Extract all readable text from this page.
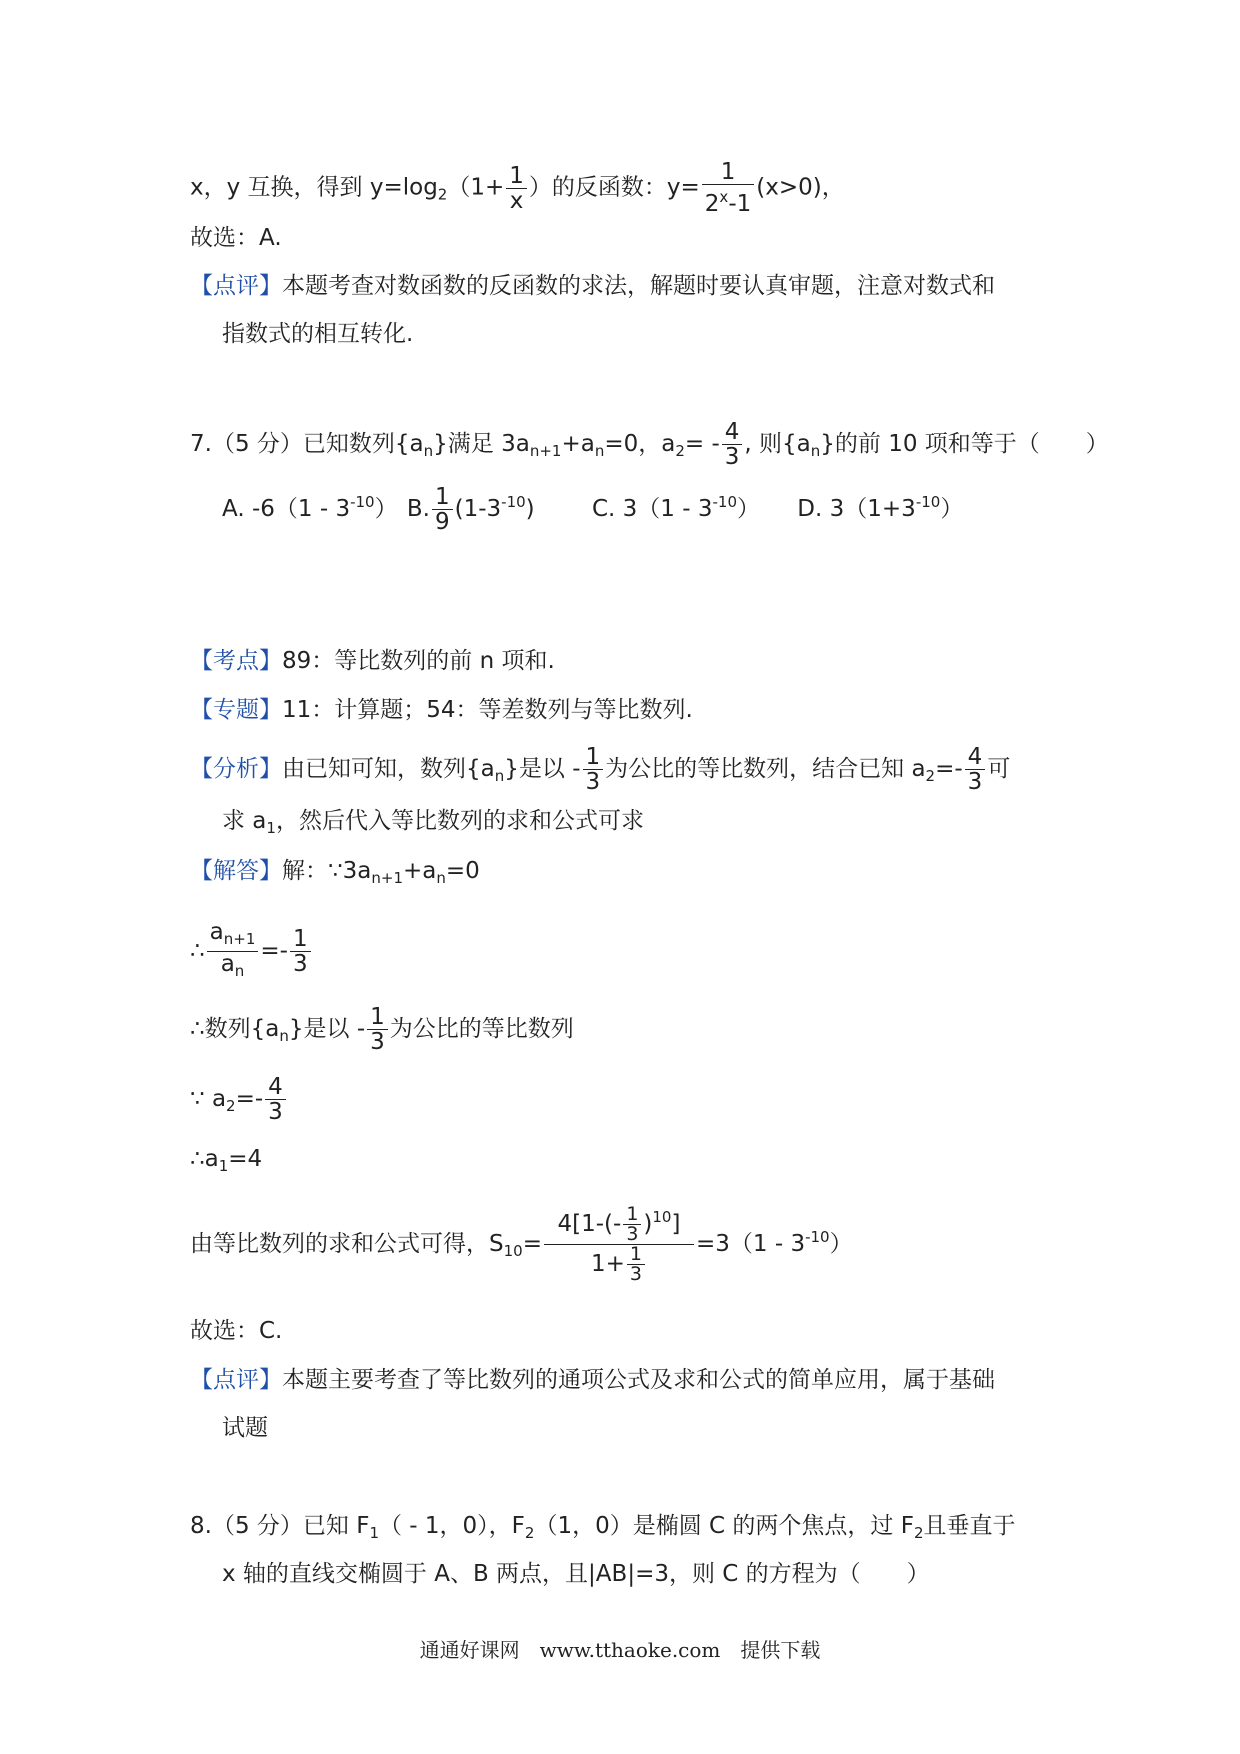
x，y 互换，得到 $y=\log_2(1+ \frac{1}{x}$ ）的反函数：$y= \frac{1}{2^x-1} (x>0)$，
故选：A.
【点评】本题考查对数函数的反函数的求法，解题时要认真审题，注意对数式和
指数式的相互转化.
7.（5 分）已知数列$\{a_n\}$满足 $3a_{n+1}+a_n=0$，$a_2= - \frac{4}{3}$ , 则$\{a_n\}$的前 10 项和等于（　　）
A. $-6(1 - 3^{-10})$ B. $\frac{1}{9} (1-3^{-10})$ C. $3(1 - 3^{-10})$ D. $3(1+3^{-10})$
【考点】89：等比数列的前 n 项和.
【专题】11：计算题；54：等差数列与等比数列.
【分析】由已知可知，数列$\{a_n\}$是以 - $\frac{1}{3}$ 为公比的等比数列，结合已知 $a_2=- \frac{4}{3}$ 可
求 $a_1$，然后代入等比数列的求和公式可求
【解答】解：$\because 3a_{n+1}+a_n=0$
∴ $\frac{a_{n+1}}{a_n} =- \frac{1}{3}$
∴数列$\{a_n\}$是以 - $\frac{1}{3}$ 为公比的等比数列
∵ $a_2=- \frac{4}{3}$
$\therefore a_1=4$
由等比数列的求和公式可得，$S_{10}= \frac{4[1-(- \frac{1}{3} )^{10}]}{1+ \frac{1}{3}} =3(1 - 3^{-10})$
故选：C.
【点评】本题主要考查了等比数列的通项公式及求和公式的简单应用，属于基础
试题
8.（5 分）已知 $F_1( - 1$，0），$F_2(1$，0）是椭圆 C 的两个焦点，过 $F_2$且垂直于
x 轴的直线交椭圆于 A、B 两点，且|AB|=3，则 C 的方程为（　　）
通通好课网　www.tthaoke.com　提供下载
